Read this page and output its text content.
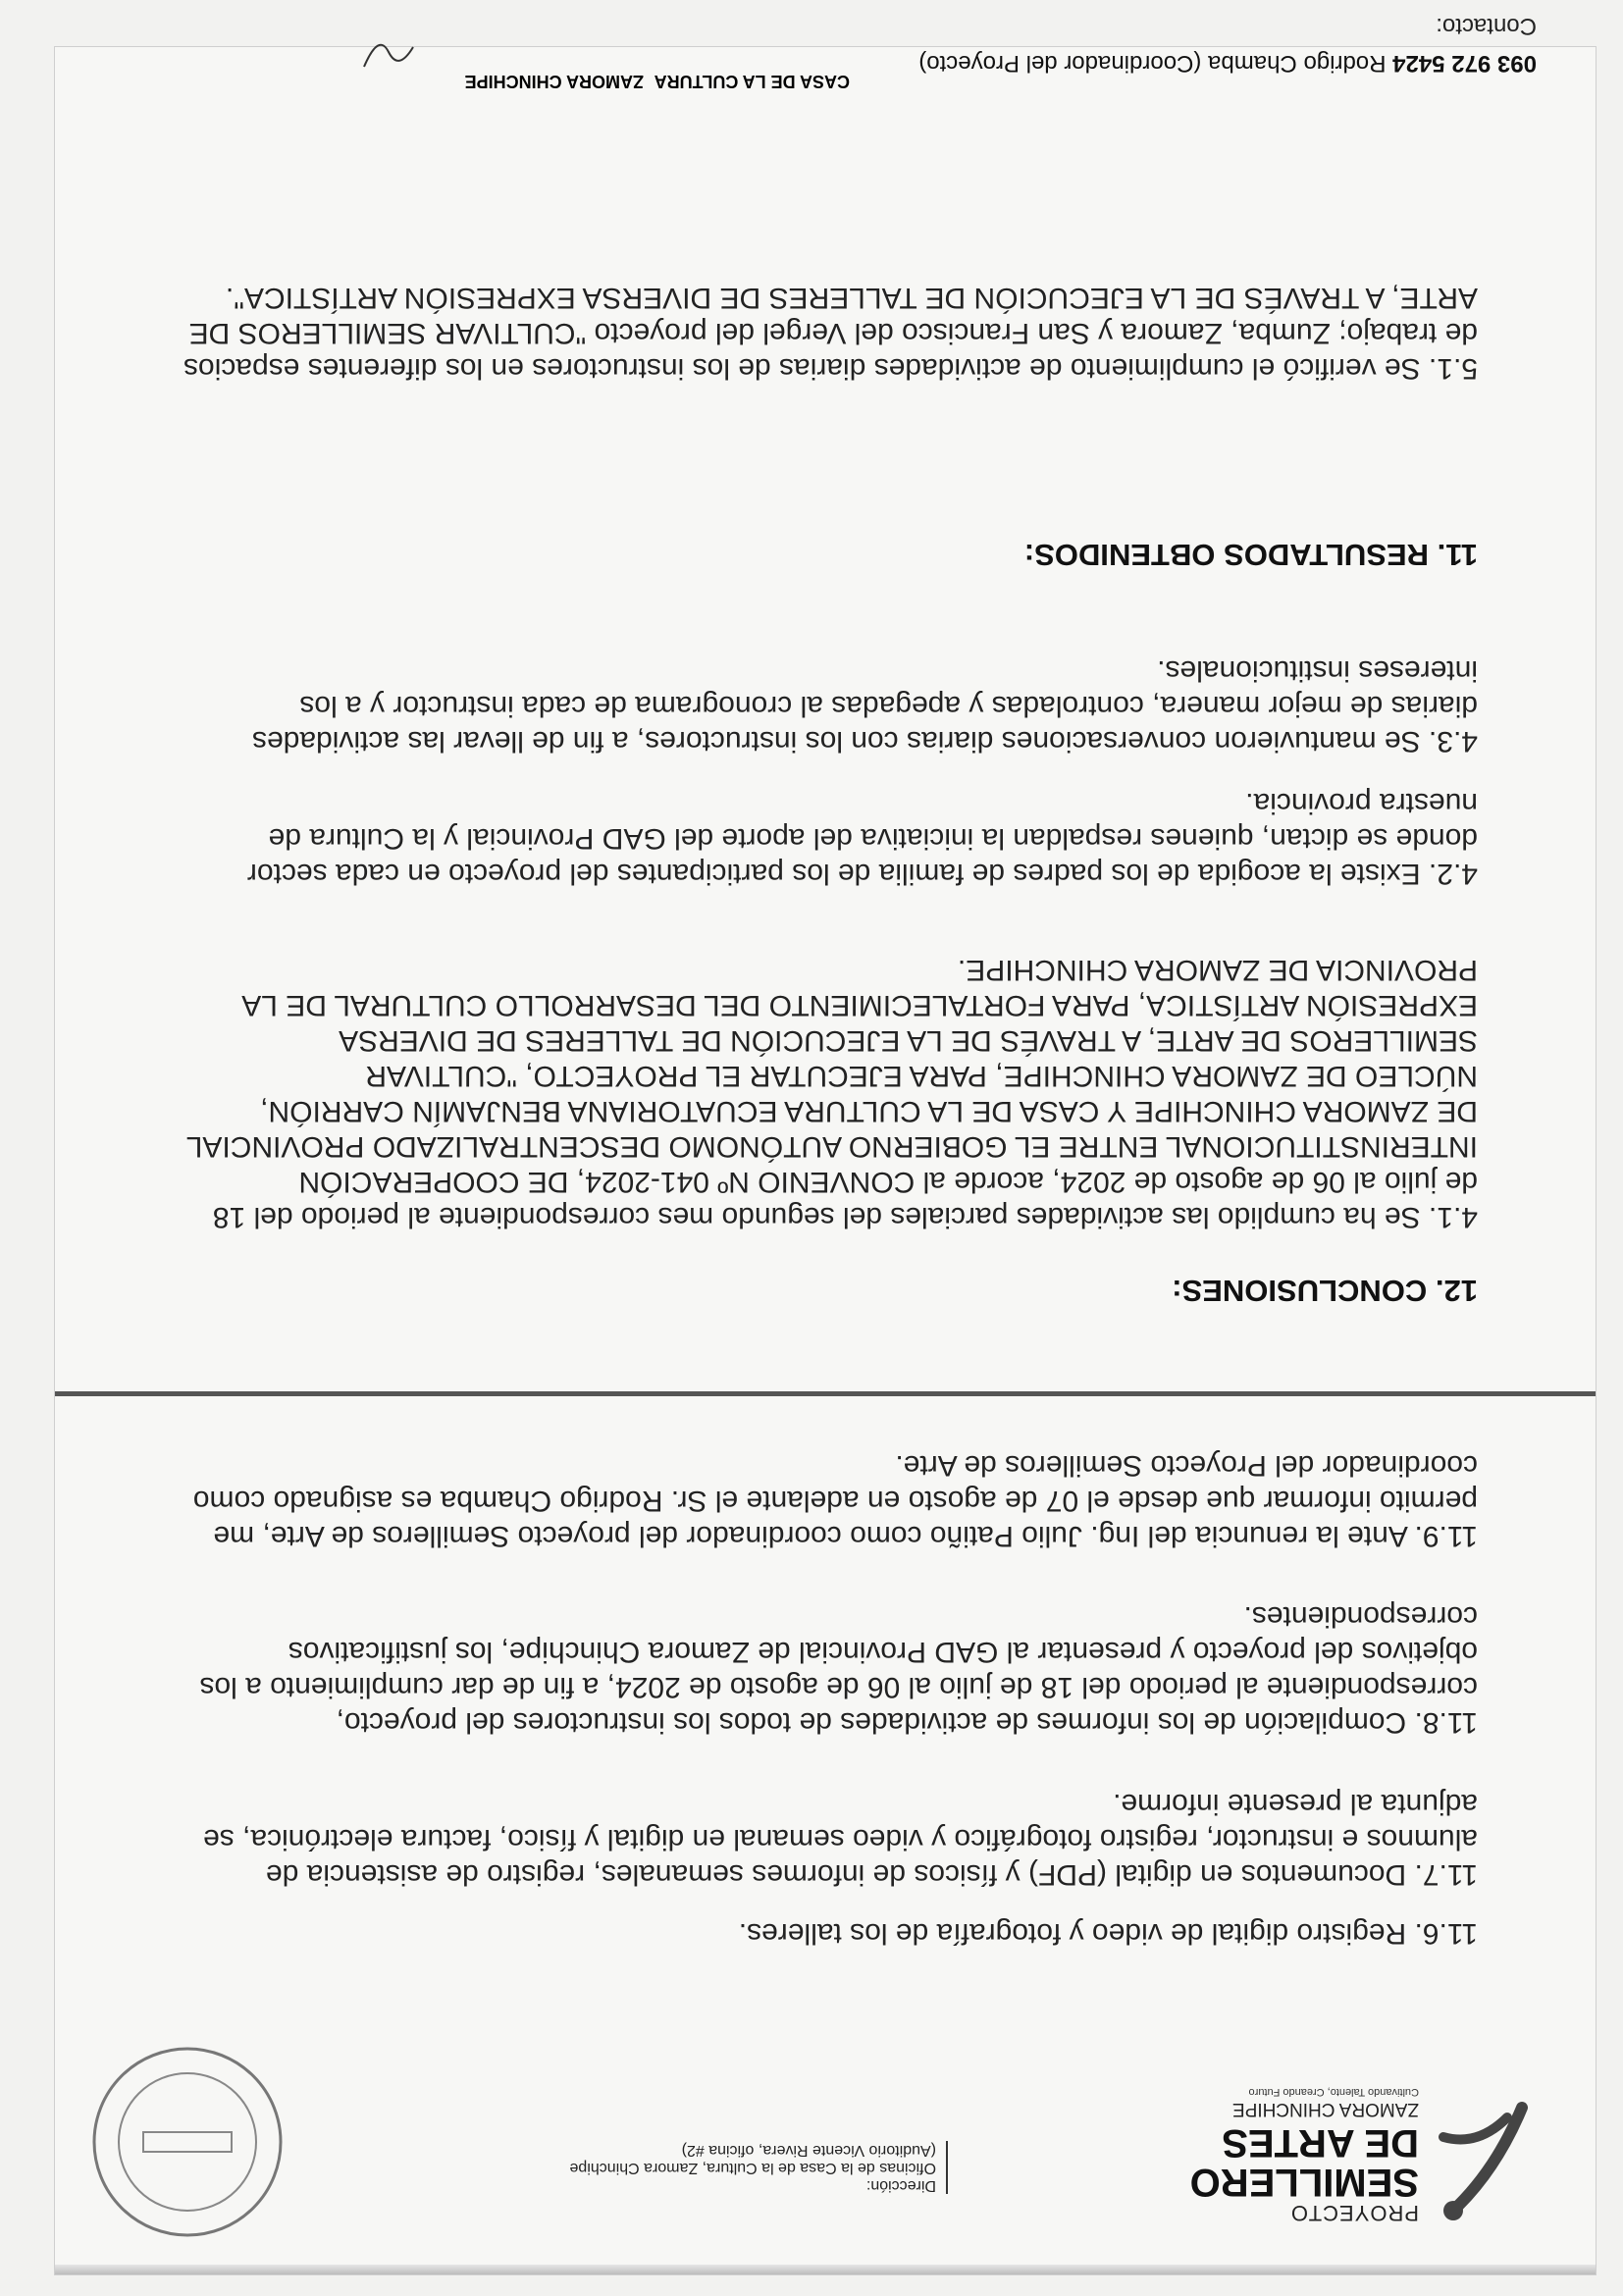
PROYECTO
SEMILLERO
DE ARTES
ZAMORA CHINCHIPE
Cultivando Talento, Creando Futuro
Dirección:
Oficinas de la Casa de la Cultura, Zamora Chinchipe
(Auditorio Vicente Rivera, oficina #2)

11.6. Registro digital de video y fotografía de los talleres.

11.7. Documentos en digital (PDF) y físicos de informes semanales, registro de asistencia de alumnos e instructor, registro fotográfico y video semanal en digital y físico, factura electrónica, se adjunta al presente informe.

11.8. Compilación de los informes de actividades de todos los instructores del proyecto, correspondiente al periodo del 18 de julio al 06 de agosto de 2024, a fin de dar cumplimiento a los objetivos del proyecto y presentar al GAD Provincial de Zamora Chinchipe, los justificativos correspondientes.

11.9. Ante la renuncia del Ing. Julio Patiño como coordinador del proyecto Semilleros de Arte, me permito informar que desde el 07 de agosto en adelante el Sr. Rodrigo Chamba es asignado como coordinador del Proyecto Semilleros de Arte.

12. CONCLUSIONES:

4.1. Se ha cumplido las actividades parciales del segundo mes correspondiente al periodo del 18 de julio al 06 de agosto de 2024, acorde al CONVENIO Nº 041-2024, DE COOPERACIÓN INTERINSTITUCIONAL ENTRE EL GOBIERNO AUTÓNOMO DESCENTRALIZADO PROVINCIAL DE ZAMORA CHINCHIPE Y CASA DE LA CULTURA ECUATORIANA BENJAMÍN CARRIÓN, NÚCLEO DE ZAMORA CHINCHIPE, PARA EJECUTAR EL PROYECTO, "CULTIVAR SEMILLEROS DE ARTE, A TRAVÉS DE LA EJECUCIÓN DE TALLERES DE DIVERSA EXPRESIÓN ARTÍSTICA, PARA FORTALECIMIENTO DEL DESARROLLO CULTURAL DE LA PROVINCIA DE ZAMORA CHINCHIPE.

4.2. Existe la acogida de los padres de familia de los participantes del proyecto en cada sector donde se dictan, quienes respaldan la iniciativa del aporte del GAD Provincial y la Cultura de nuestra provincia.

4.3. Se mantuvieron conversaciones diarias con los instructores, a fin de llevar las actividades diarias de mejor manera, controladas y apegadas al cronograma de cada instructor y a los intereses institucionales.

11. RESULTADOS OBTENIDOS:

5.1. Se verificó el cumplimiento de actividades diarias de los instructores en los diferentes espacios de trabajo; Zumba, Zamora y San Francisco del Vergel del proyecto "CULTIVAR SEMILLEROS DE ARTE, A TRAVÉS DE LA EJECUCIÓN DE TALLERES DE DIVERSA EXPRESIÓN ARTÍSTICA".

CASA DE LA CULTURA
ZAMORA CHINCHIPE
093 972 5424 Rodrigo Chamba (Coordinador del Proyecto)
Contacto:
